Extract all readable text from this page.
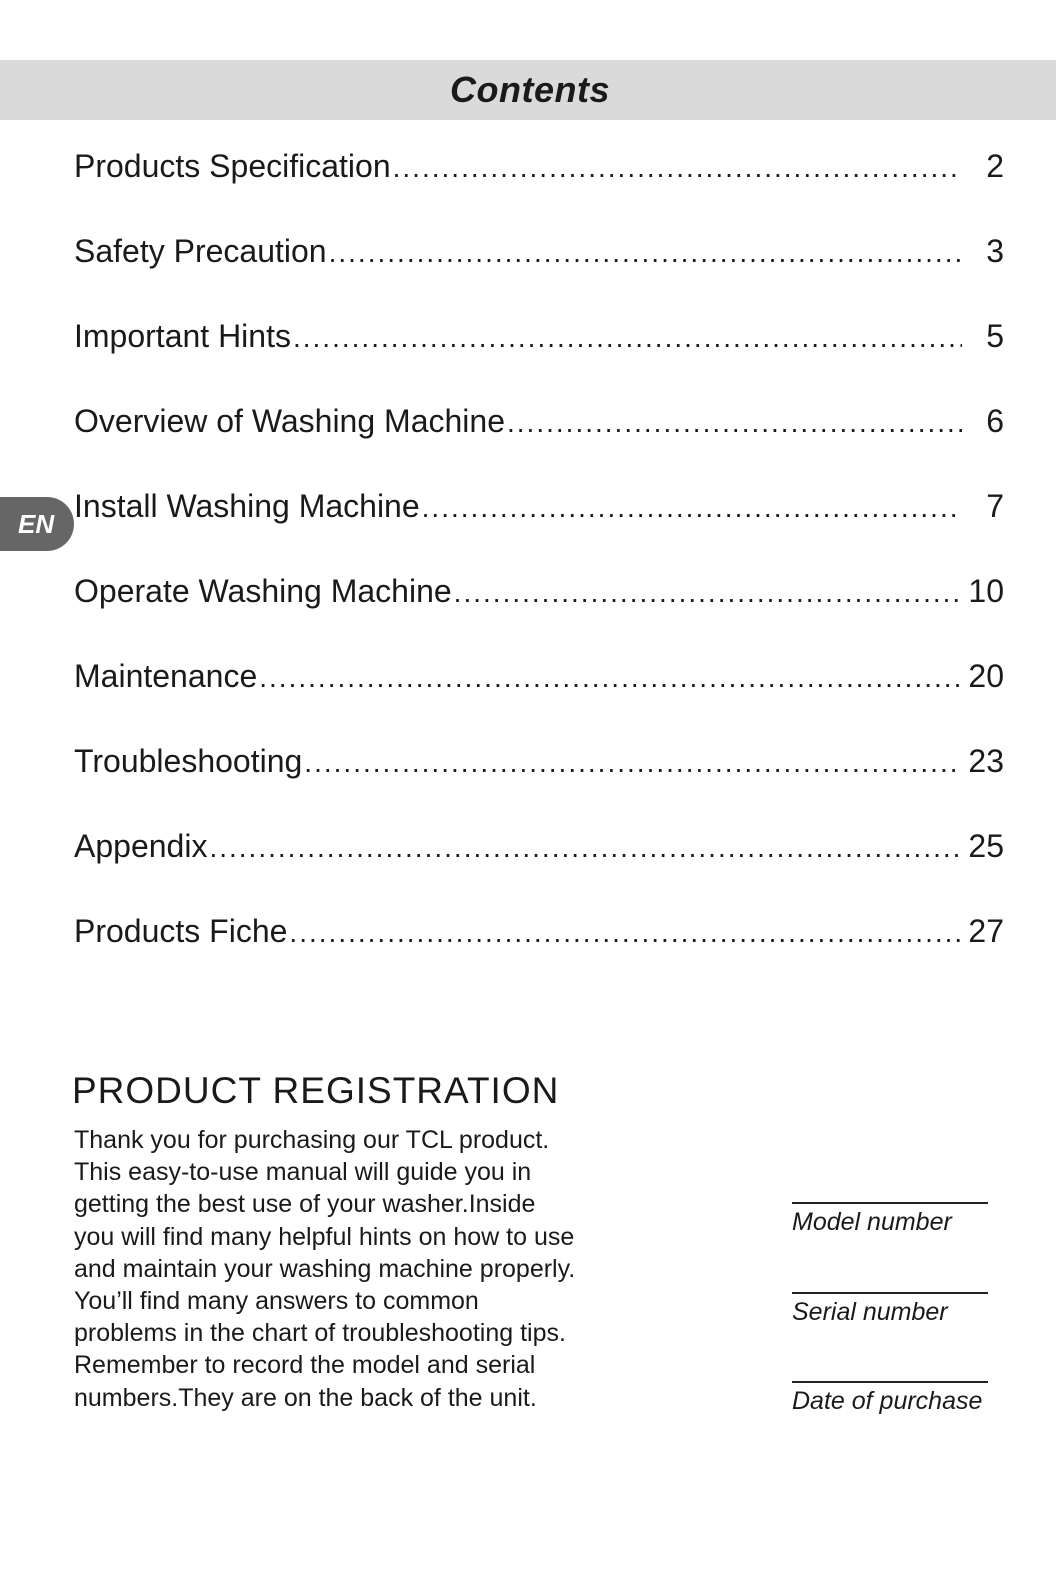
Contents
EN
Products Specification .....	2
Safety Precaution .....	3
Important Hints .....	5
Overview of Washing Machine .....	6
Install Washing Machine .....	7
Operate Washing Machine .....	10
Maintenance .....	20
Troubleshooting .....	23
Appendix .....	25
Products Fiche .....	27
PRODUCT REGISTRATION
Thank you for purchasing our TCL product.
This easy-to-use manual will guide you in
getting the best use of your washer.Inside
you will find many helpful hints on how to use
and maintain your washing machine properly.
You’ll find many answers to common
problems in the chart of troubleshooting tips.
Remember to record the model and serial
numbers.They are on the back of the unit.
Model number
Serial number
Date of purchase
